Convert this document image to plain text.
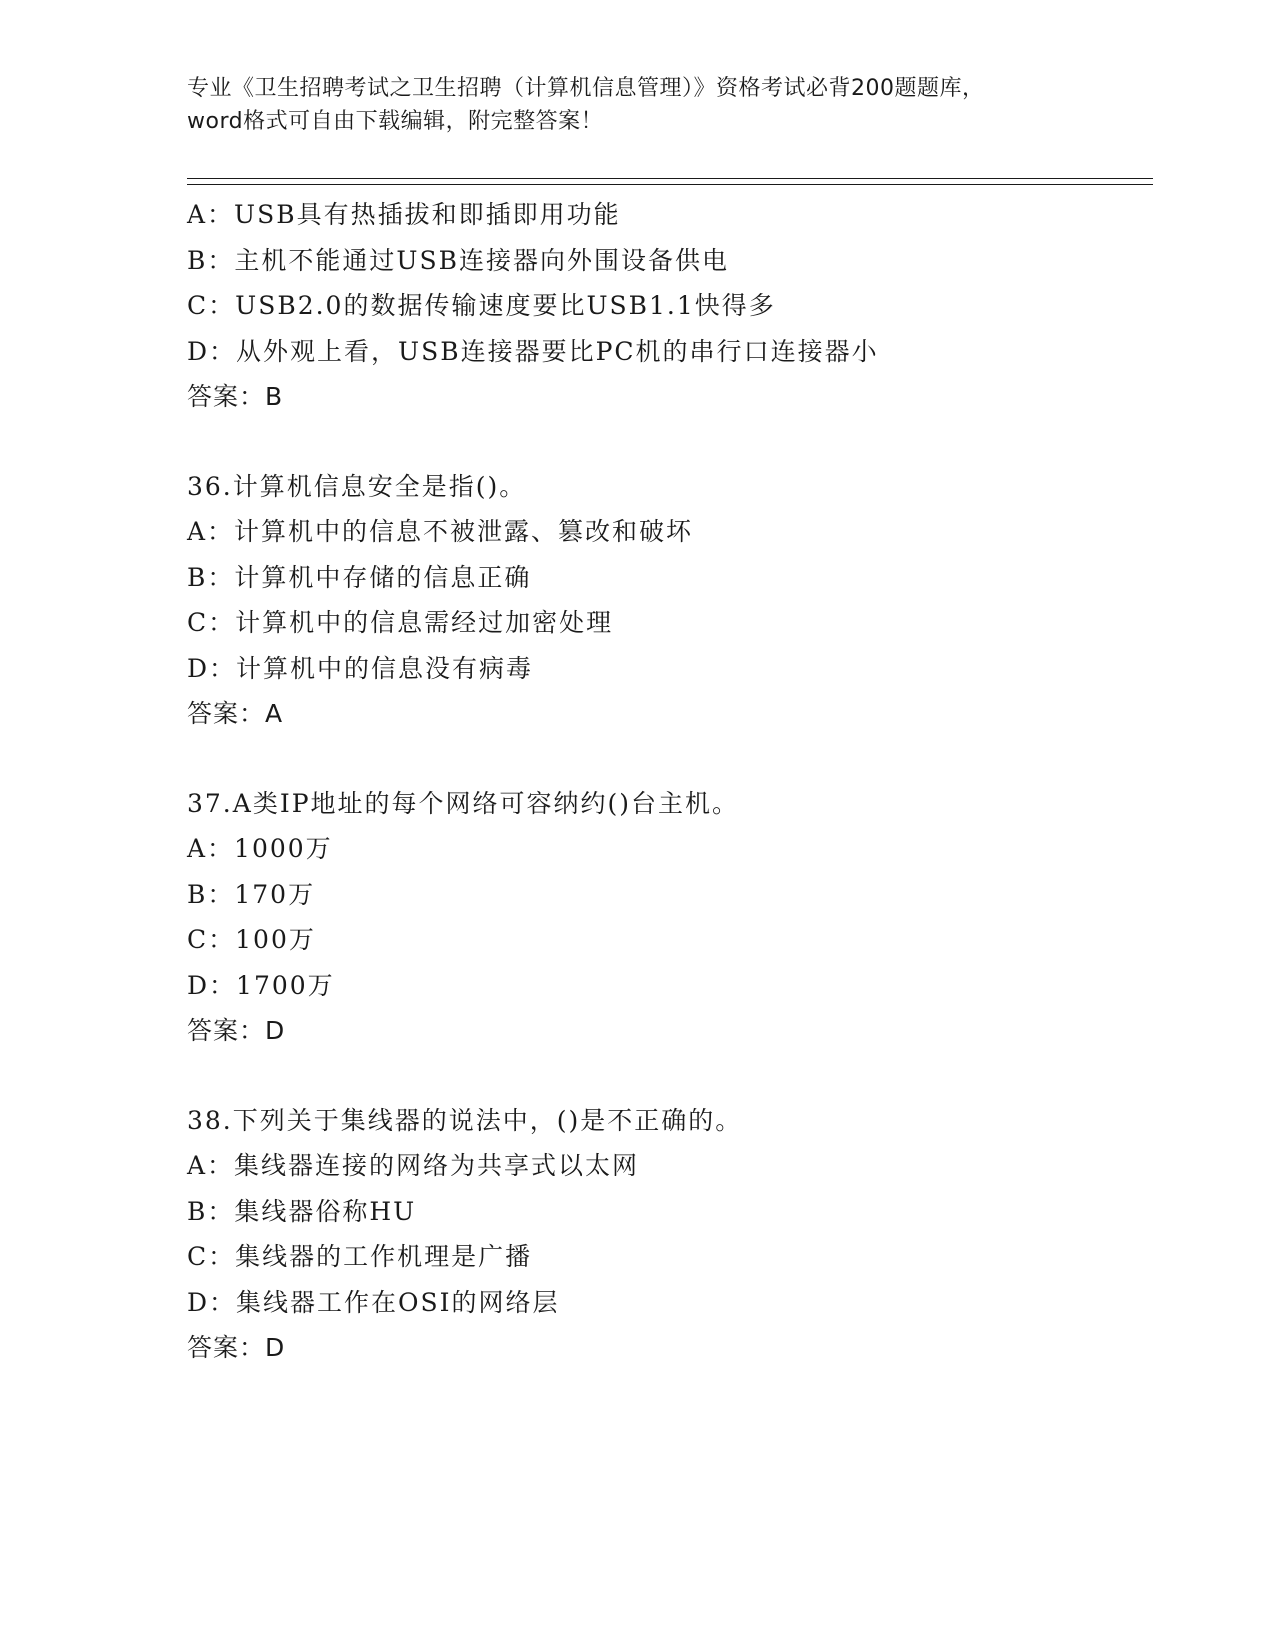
专业《卫生招聘考试之卫生招聘（计算机信息管理）》资格考试必背200题题库，
word格式可自由下载编辑，附完整答案！
A：USB具有热插拔和即插即用功能
B：主机不能通过USB连接器向外围设备供电
C：USB2.0的数据传输速度要比USB1.1快得多
D：从外观上看，USB连接器要比PC机的串行口连接器小
答案：B
36.计算机信息安全是指()。
A：计算机中的信息不被泄露、篡改和破坏
B：计算机中存储的信息正确
C：计算机中的信息需经过加密处理
D：计算机中的信息没有病毒
答案：A
37.A类IP地址的每个网络可容纳约()台主机。
A：1000万
B：170万
C：100万
D：1700万
答案：D
38.下列关于集线器的说法中，()是不正确的。
A：集线器连接的网络为共享式以太网
B：集线器俗称HU
C：集线器的工作机理是广播
D：集线器工作在OSI的网络层
答案：D
